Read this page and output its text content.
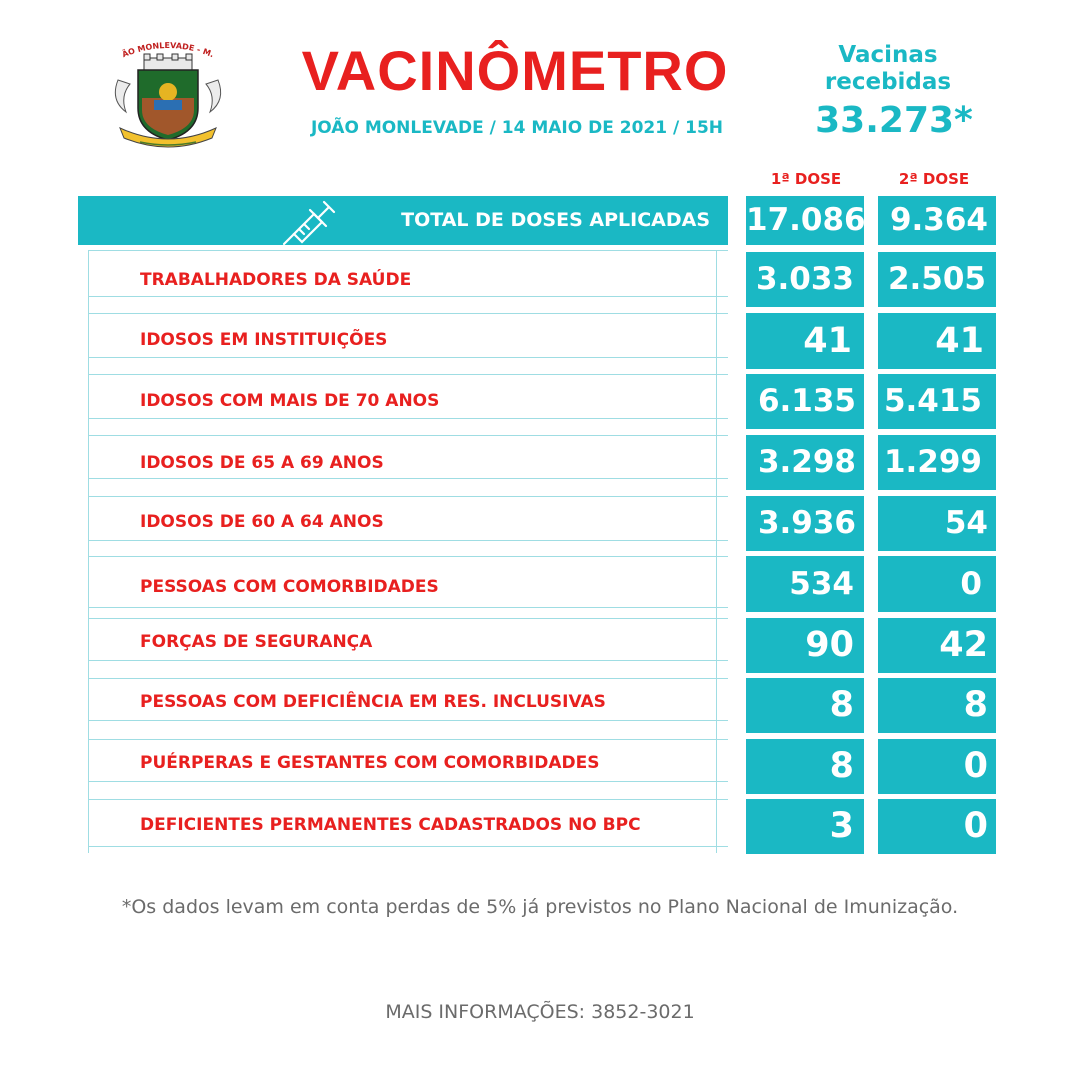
ÃO MONLEVADE - M. VACINÔMETRO
JOÃO MONLEVADE / 14 MAIO DE 2021 / 15H
Vacinas
recebidas
33.273*
1ª DOSE	2ª DOSE
TOTAL DE DOSES APLICADAS 17.086 9.364
TRABALHADORES DA SAÚDE	3.033	2.505
IDOSOS EM INSTITUIÇÕES	41	41
IDOSOS COM MAIS DE 70 ANOS	6.135 5.415
IDOSOS DE 65 A 69 ANOS	3.298 1.299
IDOSOS DE 60 A 64 ANOS	3.936	54
PESSOAS COM COMORBIDADES	534	0
FORÇAS DE SEGURANÇA	90	42
PESSOAS COM DEFICIÊNCIA EM RES. INCLUSIVAS	8	8
PUÉRPERAS E GESTANTES COM COMORBIDADES	8	0
DEFICIENTES PERMANENTES CADASTRADOS NO BPC	3	0
*Os dados levam em conta perdas de 5% já previstos no Plano Nacional de Imunização.
MAIS INFORMAÇÕES: 3852-3021
